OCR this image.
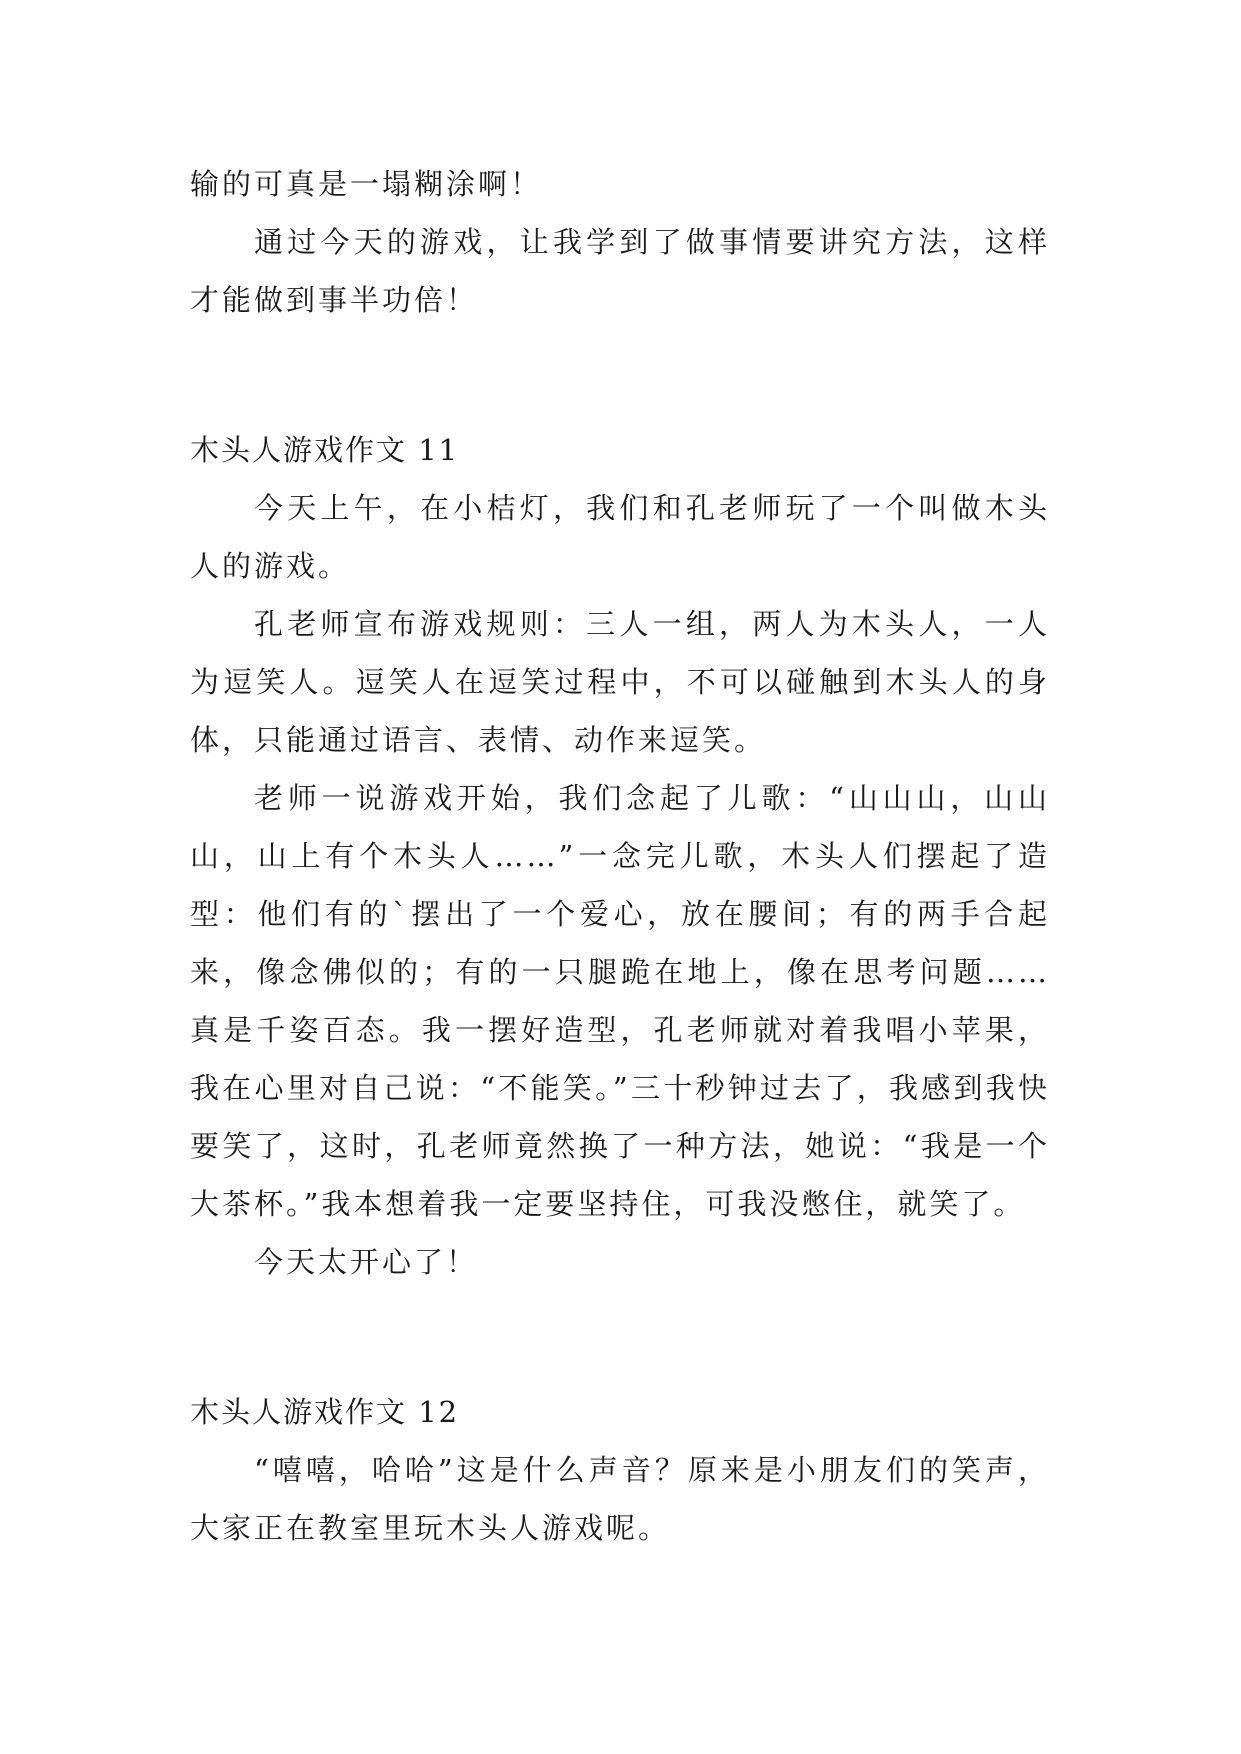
输的可真是一塌糊涂啊！

通过今天的游戏，让我学到了做事情要讲究方法，这样才能做到事半功倍！

木头人游戏作文 11

今天上午，在小桔灯，我们和孔老师玩了一个叫做木头人的游戏。

孔老师宣布游戏规则：三人一组，两人为木头人，一人为逗笑人。逗笑人在逗笑过程中，不可以碰触到木头人的身体，只能通过语言、表情、动作来逗笑。

老师一说游戏开始，我们念起了儿歌：“山山山，山山山，山上有个木头人……”一念完儿歌，木头人们摆起了造型：他们有的`摆出了一个爱心，放在腰间；有的两手合起来，像念佛似的；有的一只腿跪在地上，像在思考问题……真是千姿百态。我一摆好造型，孔老师就对着我唱小苹果，我在心里对自己说：“不能笑。”三十秒钟过去了，我感到我快要笑了，这时，孔老师竟然换了一种方法，她说：“我是一个大茶杯。”我本想着我一定要坚持住，可我没憋住，就笑了。

今天太开心了！

木头人游戏作文 12

“嘻嘻，哈哈”这是什么声音？原来是小朋友们的笑声，大家正在教室里玩木头人游戏呢。
